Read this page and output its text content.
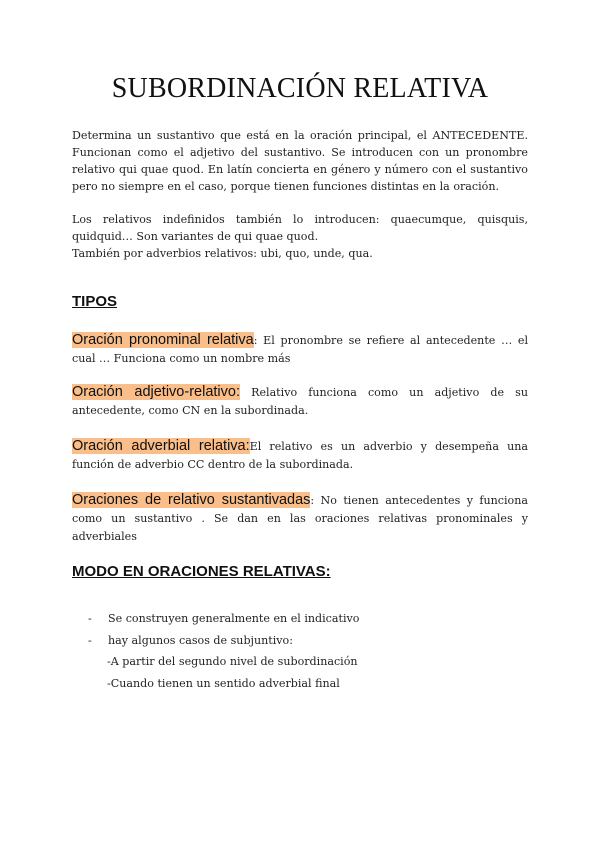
SUBORDINACIÓN RELATIVA
Determina un sustantivo que está en la oración principal, el ANTECEDENTE. Funcionan como el adjetivo del sustantivo. Se introducen con un pronombre relativo qui quae quod. En latín concierta en género y número con el sustantivo pero no siempre en el caso, porque tienen funciones distintas en la oración.
Los relativos indefinidos también lo introducen: quaecumque, quisquis, quidquid… Son variantes de qui quae quod.
También por adverbios relativos: ubi, quo, unde, qua.
TIPOS
Oración pronominal relativa: El pronombre se refiere al antecedente … el cual … Funciona como un nombre más
Oración adjetivo-relativo: Relativo funciona como un adjetivo de su antecedente, como CN en la subordinada.
Oración adverbial relativa:El relativo es un adverbio y desempeña una función de adverbio CC dentro de la subordinada.
Oraciones de relativo sustantivadas: No tienen antecedentes y funciona como un sustantivo . Se dan en las oraciones relativas pronominales y adverbiales
MODO EN ORACIONES RELATIVAS:
- Se construyen generalmente en el indicativo
- hay algunos casos de subjuntivo:
-A partir del segundo nivel de subordinación
-Cuando tienen un sentido adverbial final
